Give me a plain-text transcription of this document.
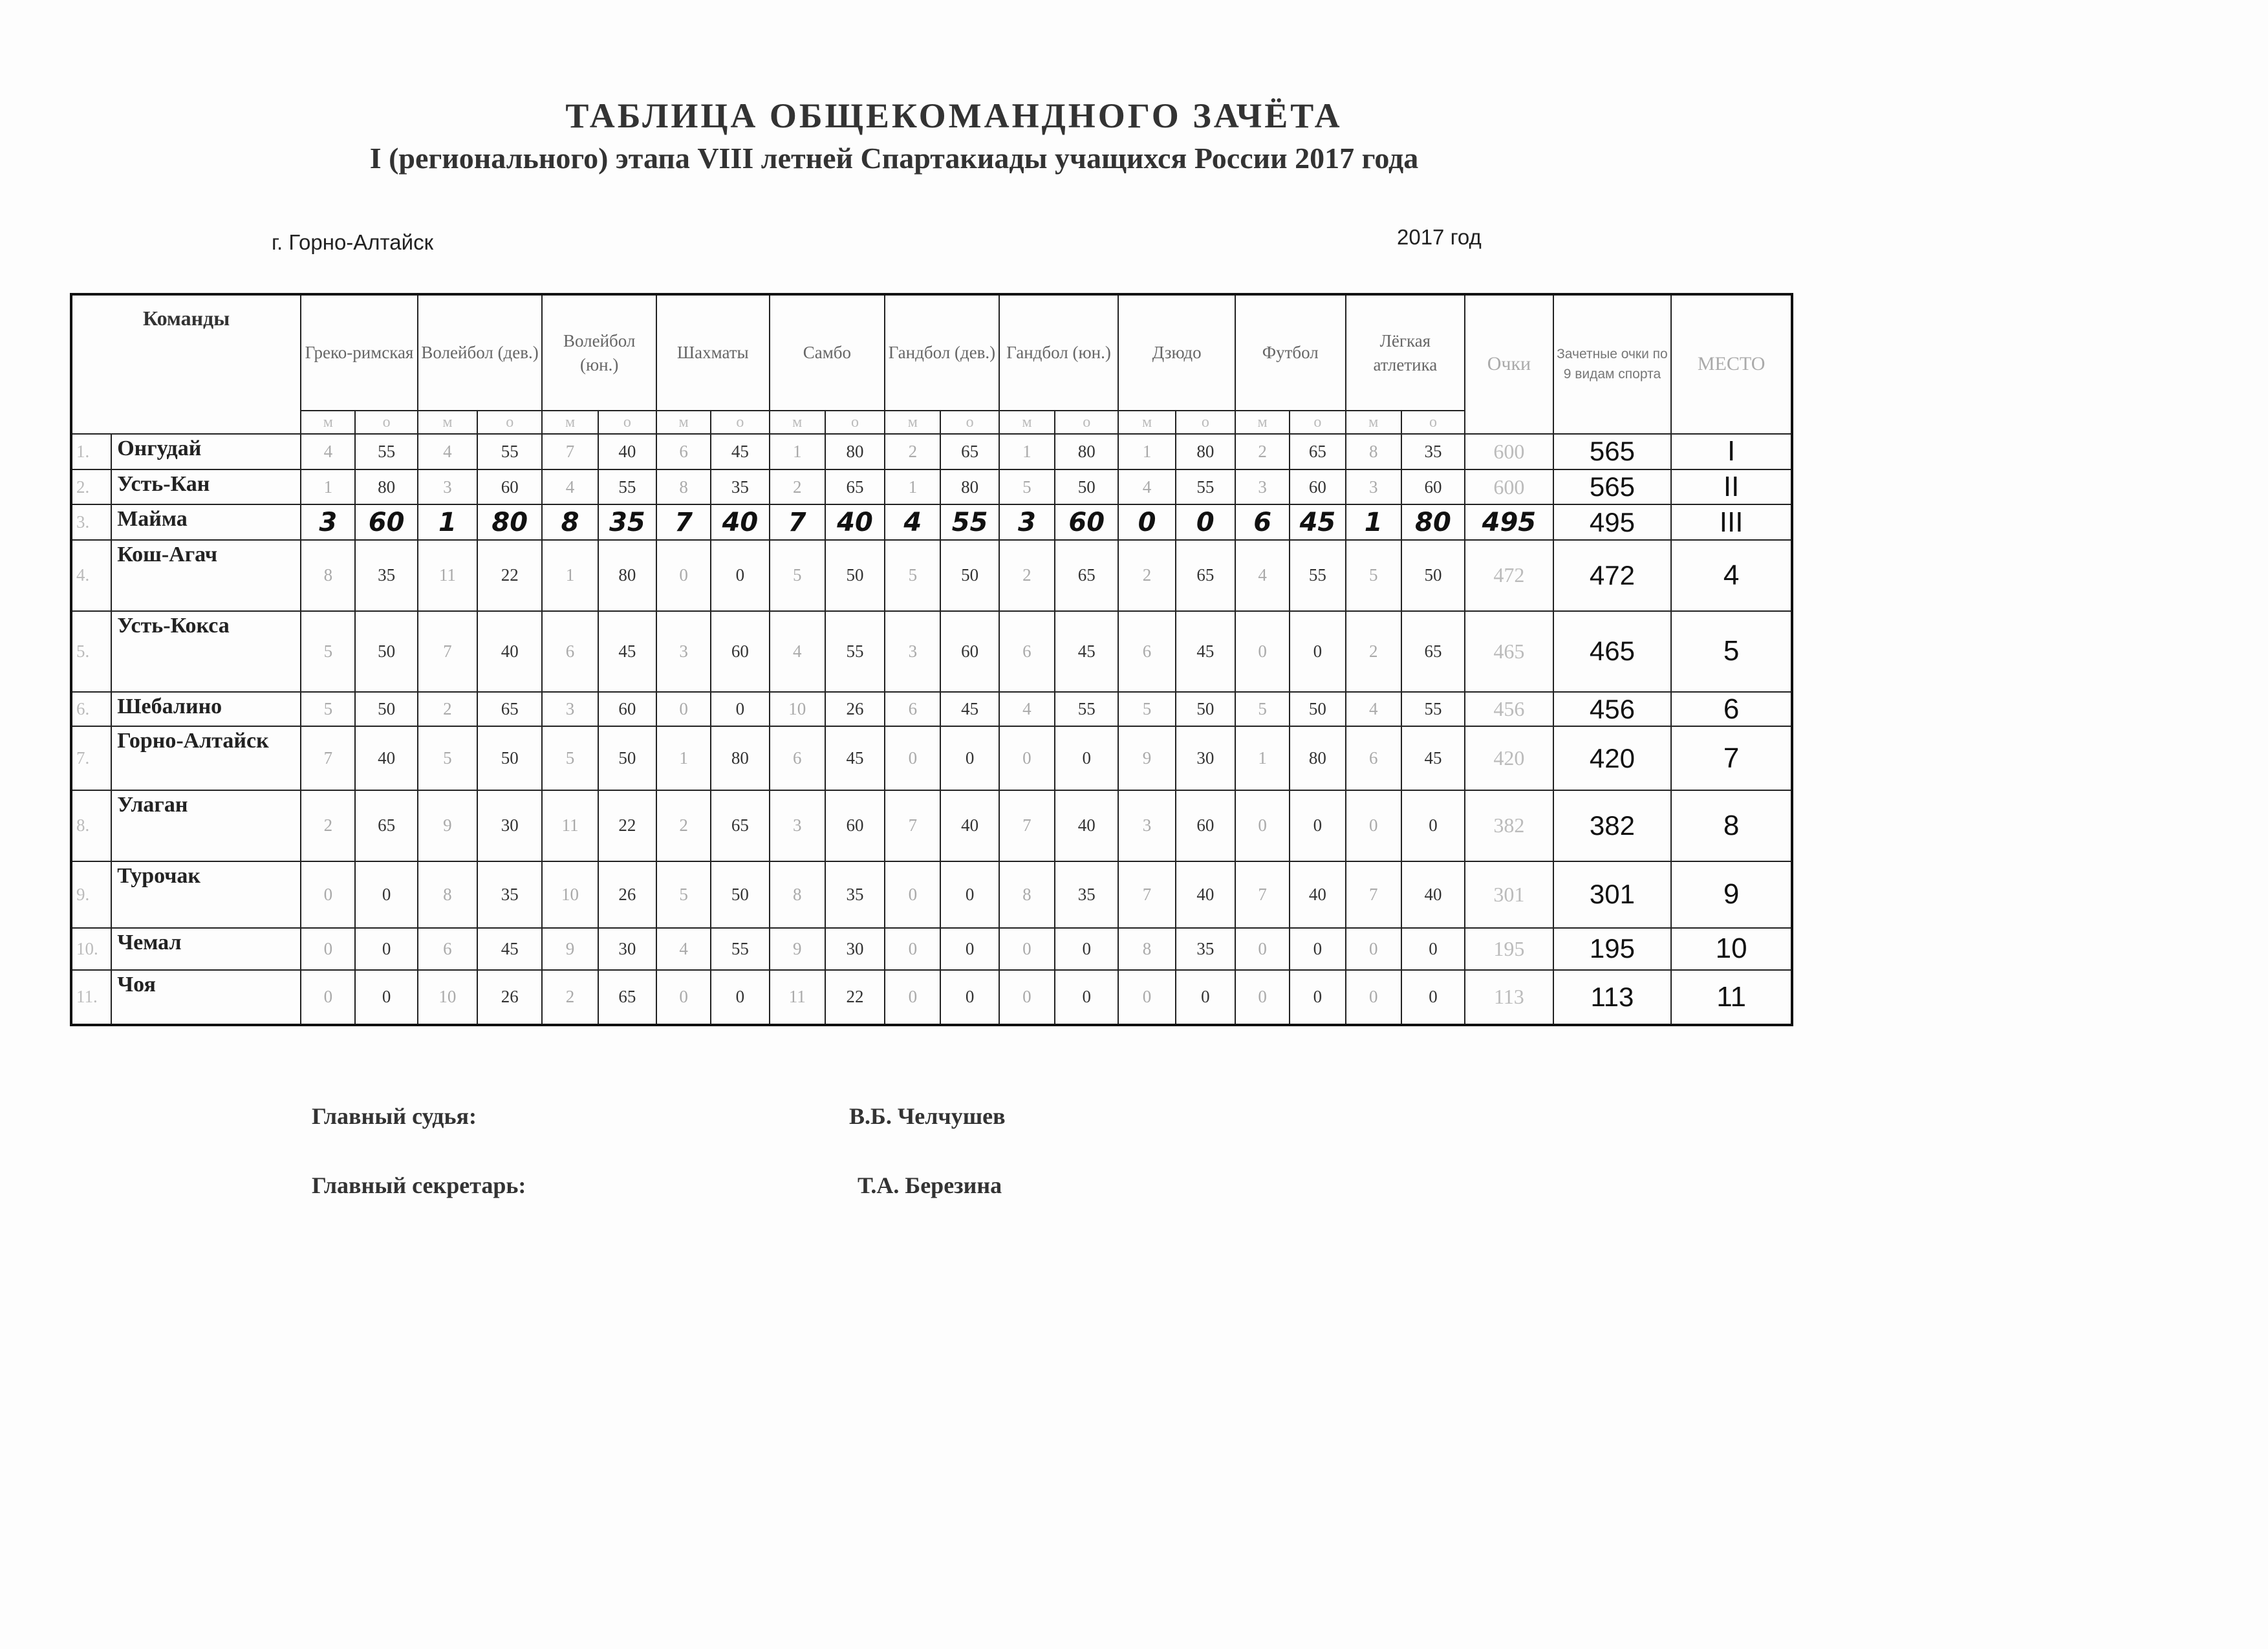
ТАБЛИЦА ОБЩЕКОМАНДНОГО ЗАЧЁТА
I (регионального) этапа VIII летней Спартакиады учащихся России 2017 года
г. Горно-Алтайск	2017 год
Команды		Греко-римская		Волейбол (дев.)		Волейбол (юн.)		Шахматы		Самбо		Гандбол (дев.)		Гандбол (юн.)		Дзюдо		Футбол		Лёгкая атлетика		Очки	Зачетные очки по 9 видам спорта	МЕСТО
		м	о	м	о	м	о	м	о	м	о	м	о	м	о	м	о	м	о	м	о			
1.	Онгудай	4	55	4	55	7	40	6	45	1	80	2	65	1	80	1	80	2	65	8	35	600	565	I
2.	Усть-Кан	1	80	3	60	4	55	8	35	2	65	1	80	5	50	4	55	3	60	3	60	600	565	II
3.	Майма	3	60	1	80	8	35	7	40	7	40	4	55	3	60	0	0	6	45	1	80	495	495	III
4.	Кош-Агач	8	35	11	22	1	80	0	0	5	50	5	50	2	65	2	65	4	55	5	50	472	472	4
5.	Усть-Кокса	5	50	7	40	6	45	3	60	4	55	3	60	6	45	6	45	0	0	2	65	465	465	5
6.	Шебалино	5	50	2	65	3	60	0	0	10	26	6	45	4	55	5	50	5	50	4	55	456	456	6
7.	Горно-Алтайск	7	40	5	50	5	50	1	80	6	45	0	0	0	0	9	30	1	80	6	45	420	420	7
8.	Улаган	2	65	9	30	11	22	2	65	3	60	7	40	7	40	3	60	0	0	0	0	382	382	8
9.	Турочак	0	0	8	35	10	26	5	50	8	35	0	0	8	35	7	40	7	40	7	40	301	301	9
10.	Чемал	0	0	6	45	9	30	4	55	9	30	0	0	0	0	8	35	0	0	0	0	195	195	10
11.	Чоя	0	0	10	26	2	65	0	0	11	22	0	0	0	0	0	0	0	0	0	0	113	113	11
Главный судья:	В.Б. Челчушев
Главный секретарь:	Т.А. Березина
